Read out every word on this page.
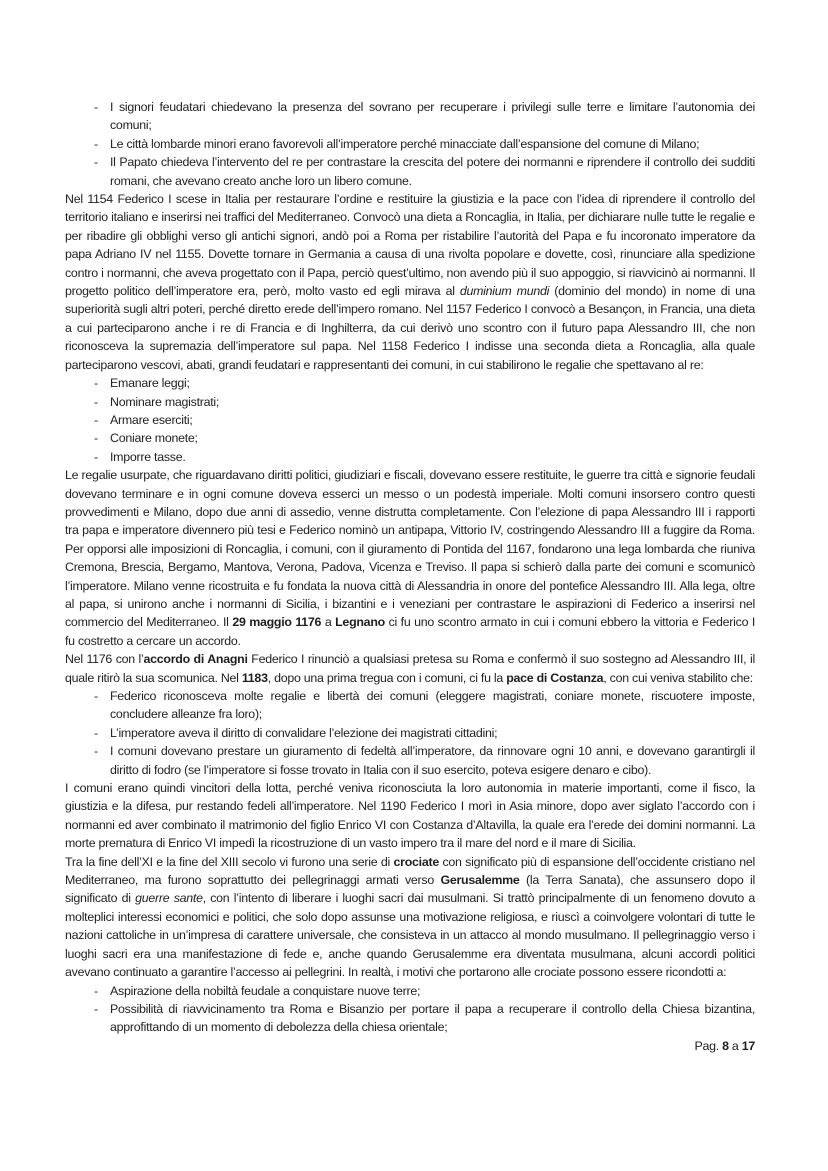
- I signori feudatari chiedevano la presenza del sovrano per recuperare i privilegi sulle terre e limitare l’autonomia dei comuni;
- Le città lombarde minori erano favorevoli all’imperatore perché minacciate dall’espansione del comune di Milano;
- Il Papato chiedeva l’intervento del re per contrastare la crescita del potere dei normanni e riprendere il controllo dei sudditi romani, che avevano creato anche loro un libero comune.

Nel 1154 Federico I scese in Italia per restaurare l’ordine e restituire la giustizia e la pace con l’idea di riprendere il controllo del territorio italiano e inserirsi nei traffici del Mediterraneo. Convocò una dieta a Roncaglia, in Italia, per dichiarare nulle tutte le regalie e per ribadire gli obblighi verso gli antichi signori, andò poi a Roma per ristabilire l’autorità del Papa e fu incoronato imperatore da papa Adriano IV nel 1155. Dovette tornare in Germania a causa di una rivolta popolare e dovette, così, rinunciare alla spedizione contro i normanni, che aveva progettato con il Papa, perciò quest’ultimo, non avendo più il suo appoggio, si riavvicinò ai normanni. Il progetto politico dell’imperatore era, però, molto vasto ed egli mirava al duminium mundi (dominio del mondo) in nome di una superiorità sugli altri poteri, perché diretto erede dell’impero romano. Nel 1157 Federico I convocò a Besançon, in Francia, una dieta a cui parteciparono anche i re di Francia e di Inghilterra, da cui derivò uno scontro con il futuro papa Alessandro III, che non riconosceva la supremazia dell’imperatore sul papa. Nel 1158 Federico I indisse una seconda dieta a Roncaglia, alla quale parteciparono vescovi, abati, grandi feudatari e rappresentanti dei comuni, in cui stabilirono le regalie che spettavano al re:

- Emanare leggi;
- Nominare magistrati;
- Armare eserciti;
- Coniare monete;
- Imporre tasse.

Le regalie usurpate, che riguardavano diritti politici, giudiziari e fiscali, dovevano essere restituite, le guerre tra città e signorie feudali dovevano terminare e in ogni comune doveva esserci un messo o un podestà imperiale. Molti comuni insorsero contro questi provvedimenti e Milano, dopo due anni di assedio, venne distrutta completamente. Con l’elezione di papa Alessandro III i rapporti tra papa e imperatore divennero più tesi e Federico nominò un antipapa, Vittorio IV, costringendo Alessandro III a fuggire da Roma. Per opporsi alle imposizioni di Roncaglia, i comuni, con il giuramento di Pontida del 1167, fondarono una lega lombarda che riuniva Cremona, Brescia, Bergamo, Mantova, Verona, Padova, Vicenza e Treviso. Il papa si schierò dalla parte dei comuni e scomunicò l’imperatore. Milano venne ricostruita e fu fondata la nuova città di Alessandria in onore del pontefice Alessandro III. Alla lega, oltre al papa, si unirono anche i normanni di Sicilia, i bizantini e i veneziani per contrastare le aspirazioni di Federico a inserirsi nel commercio del Mediterraneo. Il 29 maggio 1176 a Legnano ci fu uno scontro armato in cui i comuni ebbero la vittoria e Federico I fu costretto a cercare un accordo.

Nel 1176 con l’accordo di Anagni Federico I rinunciò a qualsiasi pretesa su Roma e confermò il suo sostegno ad Alessandro III, il quale ritirò la sua scomunica. Nel 1183, dopo una prima tregua con i comuni, ci fu la pace di Costanza, con cui veniva stabilito che:

- Federico riconosceva molte regalie e libertà dei comuni (eleggere magistrati, coniare monete, riscuotere imposte, concludere alleanze fra loro);
- L’imperatore aveva il diritto di convalidare l’elezione dei magistrati cittadini;
- I comuni dovevano prestare un giuramento di fedeltà all’imperatore, da rinnovare ogni 10 anni, e dovevano garantirgli il diritto di fodro (se l’imperatore si fosse trovato in Italia con il suo esercito, poteva esigere denaro e cibo).

I comuni erano quindi vincitori della lotta, perché veniva riconosciuta la loro autonomia in materie importanti, come il fisco, la giustizia e la difesa, pur restando fedeli all’imperatore. Nel 1190 Federico I morì in Asia minore, dopo aver siglato l’accordo con i normanni ed aver combinato il matrimonio del figlio Enrico VI con Costanza d’Altavilla, la quale era l’erede dei domini normanni. La morte prematura di Enrico VI impedì la ricostruzione di un vasto impero tra il mare del nord e il mare di Sicilia.

Tra la fine dell’XI e la fine del XIII secolo vi furono una serie di crociate con significato più di espansione dell’occidente cristiano nel Mediterraneo, ma furono soprattutto dei pellegrinaggi armati verso Gerusalemme (la Terra Sanata), che assunsero dopo il significato di guerre sante, con l’intento di liberare i luoghi sacri dai musulmani. Si trattò principalmente di un fenomeno dovuto a molteplici interessi economici e politici, che solo dopo assunse una motivazione religiosa, e riuscì a coinvolgere volontari di tutte le nazioni cattoliche in un’impresa di carattere universale, che consisteva in un attacco al mondo musulmano. Il pellegrinaggio verso i luoghi sacri era una manifestazione di fede e, anche quando Gerusalemme era diventata musulmana, alcuni accordi politici avevano continuato a garantire l’accesso ai pellegrini. In realtà, i motivi che portarono alle crociate possono essere ricondotti a:

- Aspirazione della nobiltà feudale a conquistare nuove terre;
- Possibilità di riavvicinamento tra Roma e Bisanzio per portare il papa a recuperare il controllo della Chiesa bizantina, approfittando di un momento di debolezza della chiesa orientale;

Pag. 8 a 17
